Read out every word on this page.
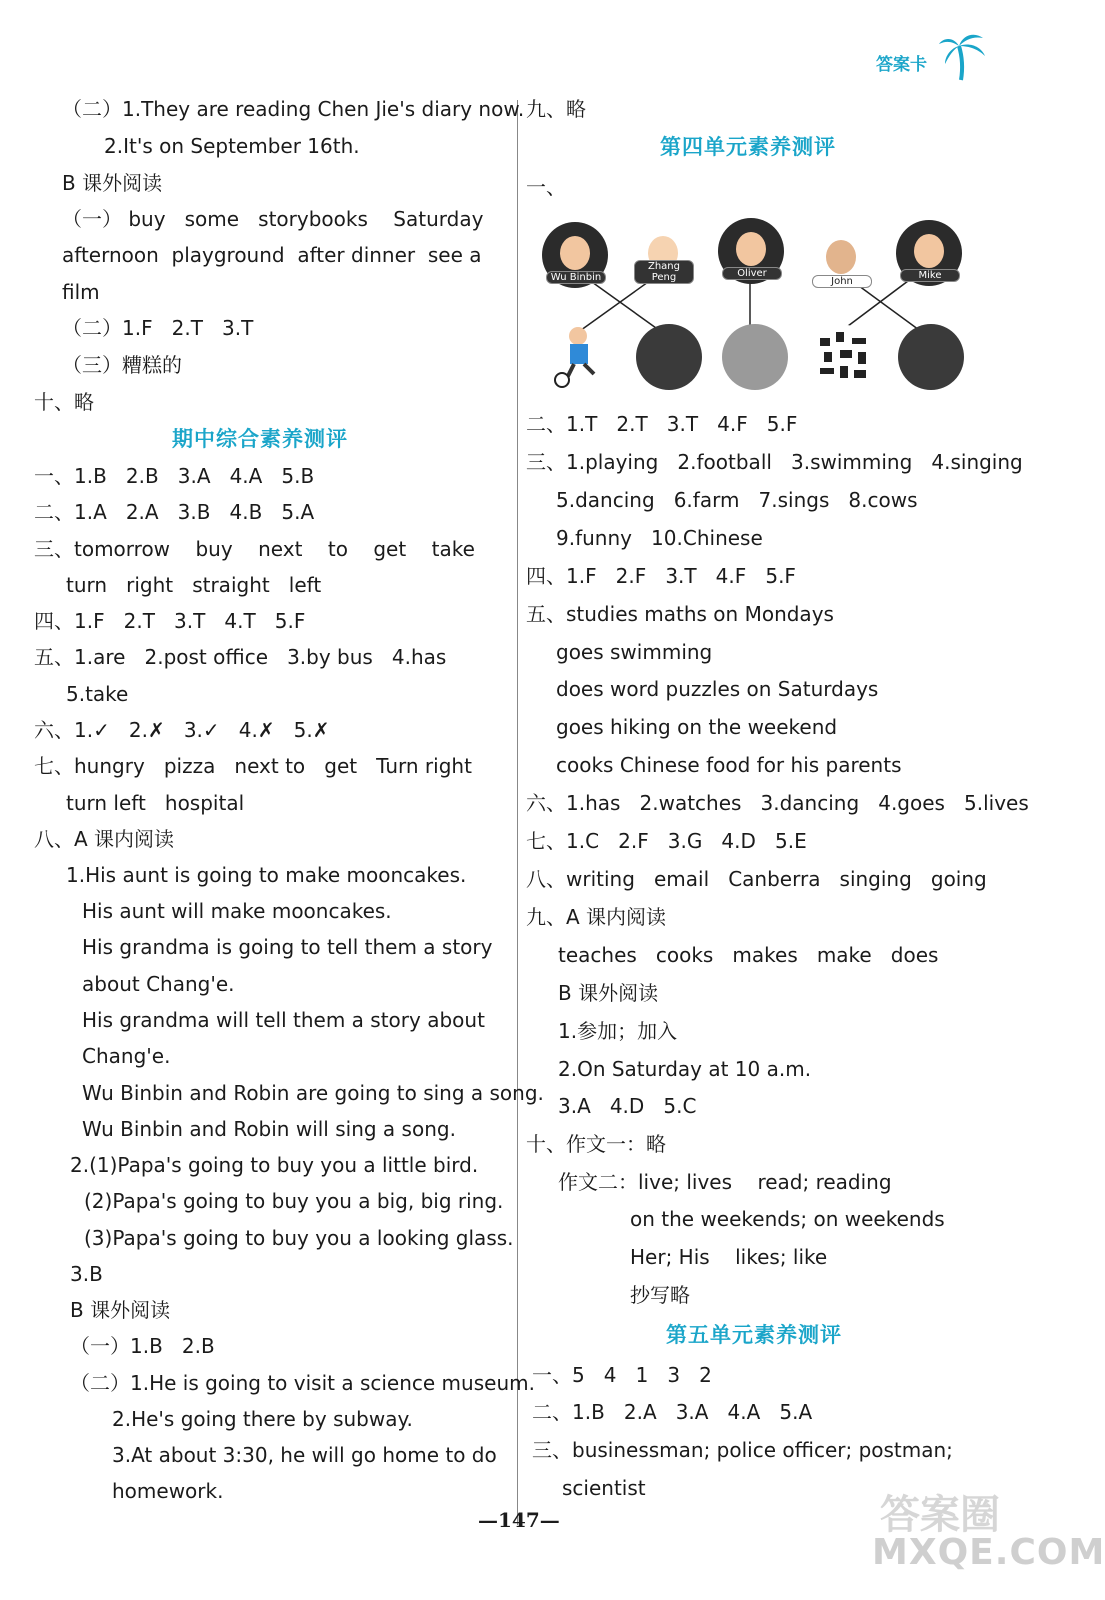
答案卡
（二）1.They are reading Chen Jie's diary now.
2.It's on September 16th.
B 课外阅读
（一） buy   some   storybooks    Saturday
afternoon  playground  after dinner  see a
film
（二）1.F   2.T   3.T
（三）糟糕的
十、略
期中综合素养测评
一、1.B   2.B   3.A   4.A   5.B
二、1.A   2.A   3.B   4.B   5.A
三、tomorrow    buy    next    to    get    take
turn   right   straight   left
四、1.F   2.T   3.T   4.T   5.F
五、1.are   2.post office   3.by bus   4.has
5.take
六、1.✓   2.✗   3.✓   4.✗   5.✗
七、hungry   pizza   next to   get   Turn right
turn left   hospital
八、A 课内阅读
1.His aunt is going to make mooncakes.
His aunt will make mooncakes.
His grandma is going to tell them a story
about Chang'e.
His grandma will tell them a story about
Chang'e.
Wu Binbin and Robin are going to sing a song.
Wu Binbin and Robin will sing a song.
2.(1)Papa's going to buy you a little bird.
(2)Papa's going to buy you a big, big ring.
(3)Papa's going to buy you a looking glass.
3.B
B 课外阅读
（一）1.B   2.B
（二）1.He is going to visit a science museum.
2.He's going there by subway.
3.At about 3:30, he will go home to do
homework.
九、略
第四单元素养测评
一、
Wu Binbin
Zhang Peng	Oliver
John
Mike
二、1.T   2.T   3.T   4.F   5.F
三、1.playing   2.football   3.swimming   4.singing
5.dancing   6.farm   7.sings   8.cows
9.funny   10.Chinese
四、1.F   2.F   3.T   4.F   5.F
五、studies maths on Mondays
goes swimming
does word puzzles on Saturdays
goes hiking on the weekend
cooks Chinese food for his parents
六、1.has   2.watches   3.dancing   4.goes   5.lives
七、1.C   2.F   3.G   4.D   5.E
八、writing   email   Canberra   singing   going
九、A 课内阅读
teaches   cooks   makes   make   does
B 课外阅读
1.参加；加入
2.On Saturday at 10 a.m.
3.A   4.D   5.C
十、作文一：略
作文二：live; lives    read; reading
on the weekends; on weekends
Her; His    likes; like
抄写略
第五单元素养测评
一、5   4   1   3   2
二、1.B   2.A   3.A   4.A   5.A
三、businessman; police officer; postman;
scientist
—147—	答案圈
MXQE.COM
